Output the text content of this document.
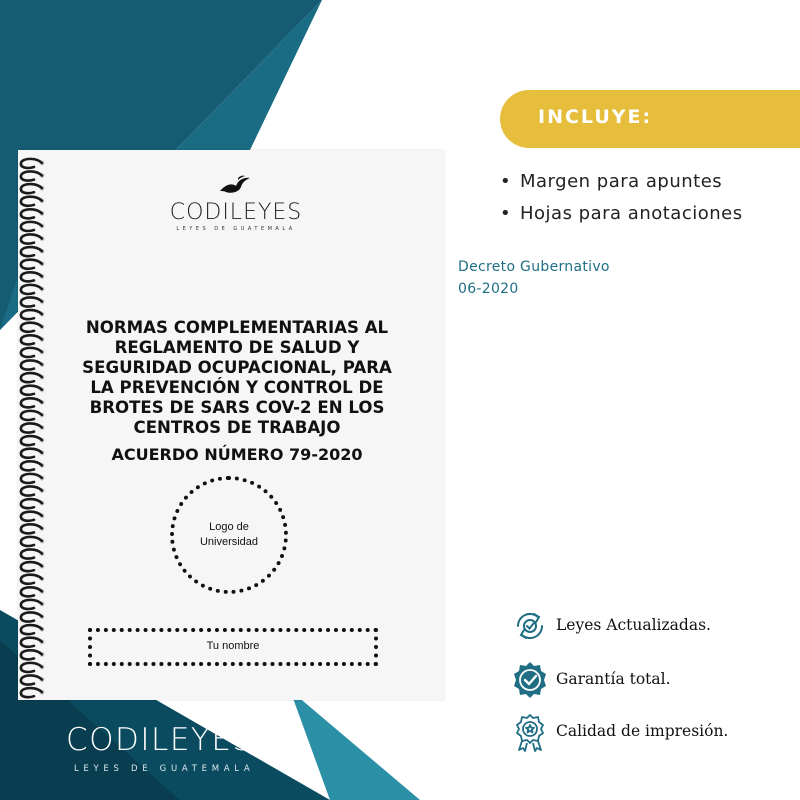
CODILEYES
LEYES DE GUATEMALA
NORMAS COMPLEMENTARIAS AL
REGLAMENTO DE SALUD Y
SEGURIDAD OCUPACIONAL, PARA
LA PREVENCIÓN Y CONTROL DE
BROTES DE SARS COV-2 EN LOS
CENTROS DE TRABAJO
ACUERDO NÚMERO 79-2020
Logo de
Universidad
Tu nombre
INCLUYE:
• Margen para apuntes
• Hojas para anotaciones
Decreto Gubernativo
06-2020
Leyes Actualizadas.
Garantía total.
Calidad de impresión.
CODILEYES
LEYES DE GUATEMALA
